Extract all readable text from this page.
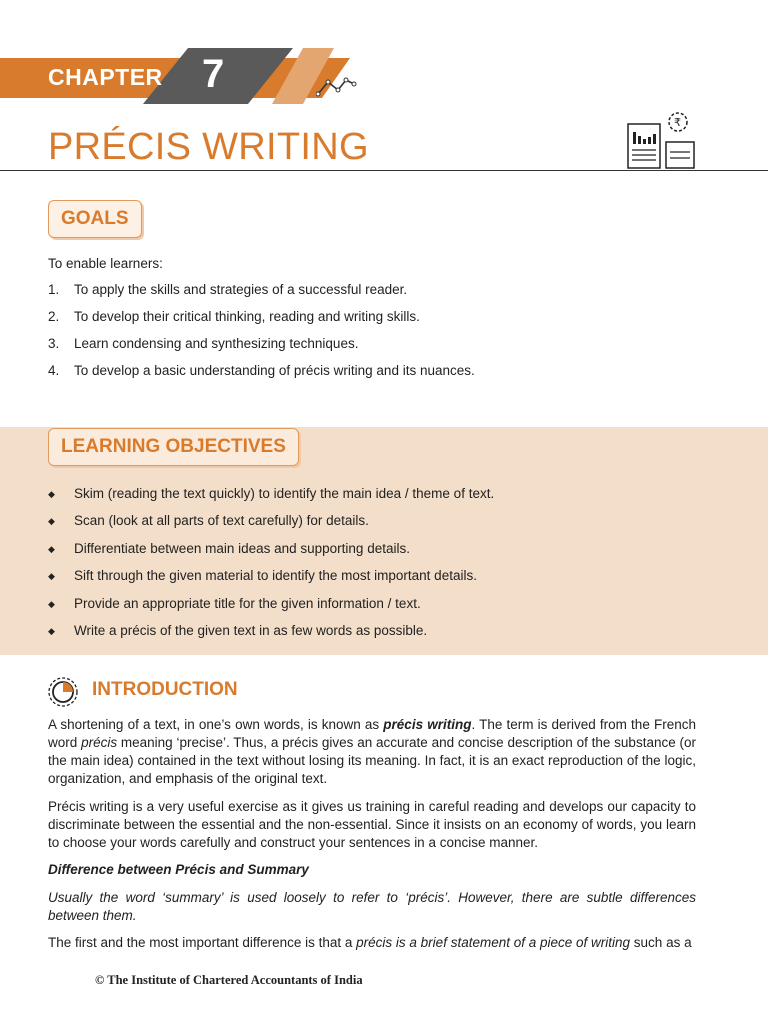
CHAPTER 7
PRÉCIS WRITING
₹
GOALS
To enable learners:
1.	To apply the skills and strategies of a successful reader.
2.	To develop their critical thinking, reading and writing skills.
3.	Learn condensing and synthesizing techniques.
4.	To develop a basic understanding of précis writing and its nuances.
LEARNING OBJECTIVES
◆	Skim (reading the text quickly) to identify the main idea / theme of text.
◆	Scan (look at all parts of text carefully) for details.
◆	Differentiate between main ideas and supporting details.
◆	Sift through the given material to identify the most important details.
◆	Provide an appropriate title for the given information / text.
◆	Write a précis of the given text in as few words as possible.
INTRODUCTION
A shortening of a text, in one’s own words, is known as précis writing. The term is derived from the French word précis meaning ‘precise’. Thus, a précis gives an accurate and concise description of the substance (or the main idea) contained in the text without losing its meaning. In fact, it is an exact reproduction of the logic, organization, and emphasis of the original text.
Précis writing is a very useful exercise as it gives us training in careful reading and develops our capacity to discriminate between the essential and the non-essential. Since it insists on an economy of words, you learn to choose your words carefully and construct your sentences in a concise manner.
Difference between Précis and Summary
Usually the word ‘summary’ is used loosely to refer to ‘précis’. However, there are subtle differences between them.
The first and the most important difference is that a précis is a brief statement of a piece of writing such as a
© The Institute of Chartered Accountants of India
